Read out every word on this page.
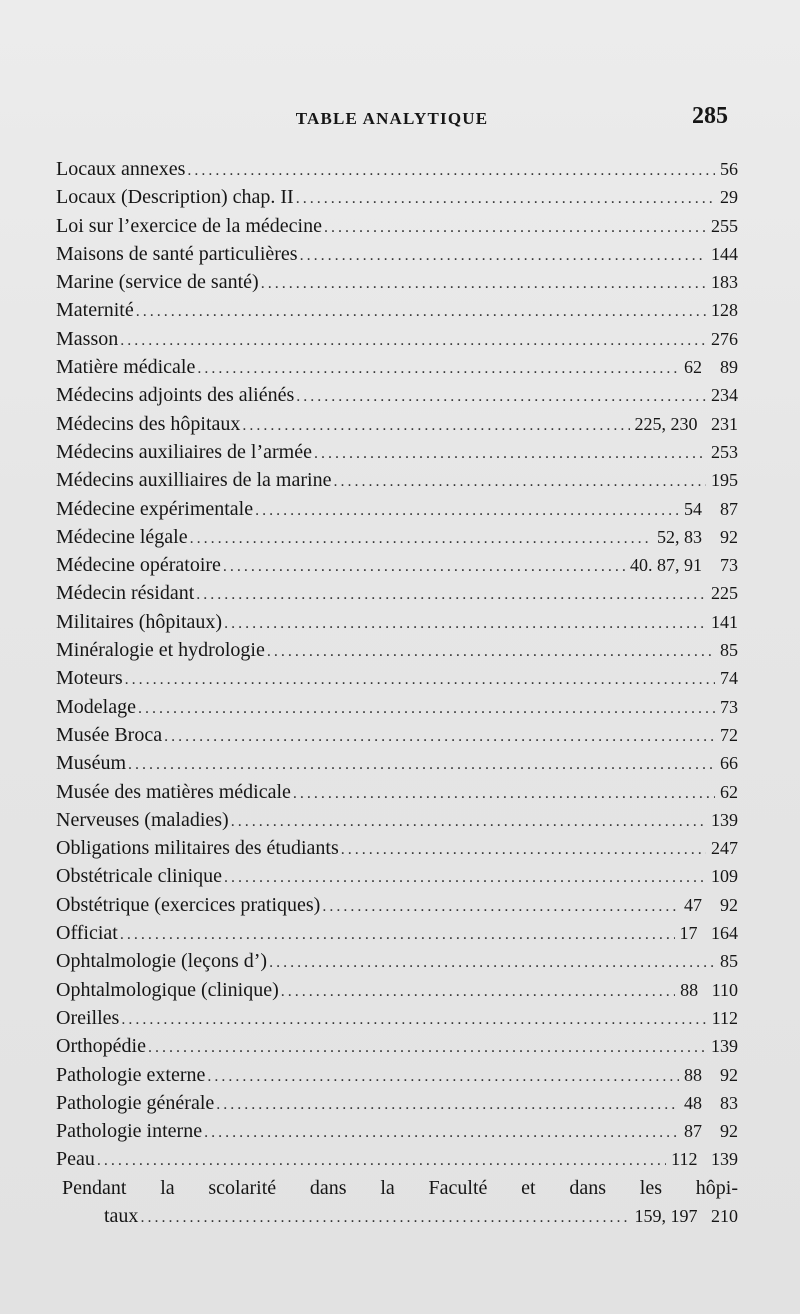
TABLE ANALYTIQUE	285
Locaux annexes .....	56
Locaux (Description) chap. II .....	29
Loi sur l’exercice de la médecine .....	255
Maisons de santé particulières .....	144
Marine (service de santé) .....	183
Maternité .....	128
Masson .....	276
Matière médicale .....	62    89
Médecins adjoints des aliénés .....	234
Médecins des hôpitaux .....	225, 230   231
Médecins auxiliaires de l’armée .....	253
Médecins auxilliaires de la marine .....	195
Médecine expérimentale .....	54    87
Médecine légale .....	52, 83    92
Médecine opératoire .....	40. 87, 91    73
Médecin résidant .....	225
Militaires (hôpitaux) .....	141
Minéralogie et hydrologie .....	85
Moteurs .....	74
Modelage .....	73
Musée Broca .....	72
Muséum .....	66
Musée des matières médicale .....	62
Nerveuses (maladies) .....	139
Obligations militaires des étudiants .....	247
Obstétricale clinique .....	109
Obstétrique (exercices pratiques) .....	47    92
Officiat .....	17   164
Ophtalmologie (leçons d’) .....	85
Ophtalmologique (clinique) .....	88   110
Oreilles .....	112
Orthopédie .....	139
Pathologie externe .....	88    92
Pathologie générale .....	48    83
Pathologie interne .....	87    92
Peau .....	112   139
Pendant la scolarité dans la Faculté et dans les hôpi-
taux .....	159, 197   210
